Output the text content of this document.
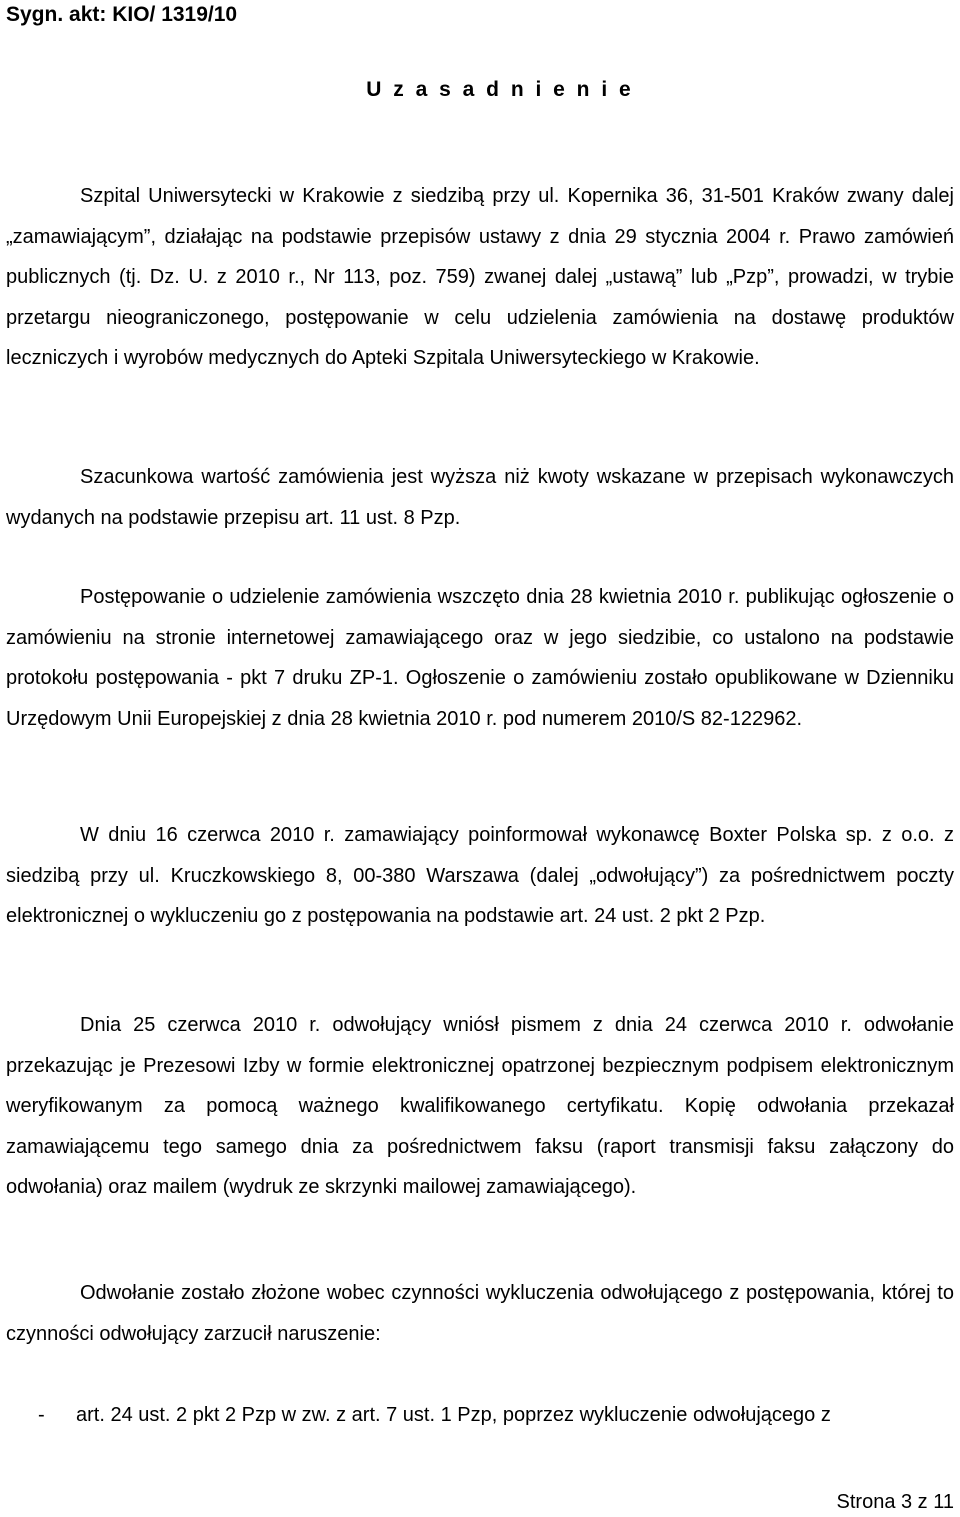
Sygn. akt: KIO/ 1319/10
U z a s a d n i e n i e

Szpital Uniwersytecki w Krakowie z siedzibą przy ul. Kopernika 36, 31-501 Kraków zwany dalej „zamawiającym”, działając na podstawie przepisów ustawy z dnia 29 stycznia 2004 r. Prawo zamówień publicznych (tj. Dz. U. z 2010 r., Nr 113, poz. 759) zwanej dalej „ustawą” lub „Pzp”, prowadzi, w trybie przetargu nieograniczonego, postępowanie w celu udzielenia zamówienia na dostawę produktów leczniczych i wyrobów medycznych do Apteki Szpitala Uniwersyteckiego w Krakowie.

Szacunkowa wartość zamówienia jest wyższa niż kwoty wskazane w przepisach wykonawczych wydanych na podstawie przepisu art. 11 ust. 8 Pzp.

Postępowanie o udzielenie zamówienia wszczęto dnia 28 kwietnia 2010 r. publikując ogłoszenie o zamówieniu na stronie internetowej zamawiającego oraz w jego siedzibie, co ustalono na podstawie protokołu postępowania - pkt 7 druku ZP-1. Ogłoszenie o zamówieniu zostało opublikowane w Dzienniku Urzędowym Unii Europejskiej z dnia 28 kwietnia 2010 r. pod numerem 2010/S 82-122962.

W dniu 16 czerwca 2010 r. zamawiający poinformował wykonawcę Boxter Polska sp. z o.o. z siedzibą przy ul. Kruczkowskiego 8, 00-380 Warszawa (dalej „odwołujący”) za pośrednictwem poczty elektronicznej o wykluczeniu go z postępowania na podstawie art. 24 ust. 2 pkt 2 Pzp.

Dnia 25 czerwca 2010 r. odwołujący wniósł pismem z dnia 24 czerwca 2010 r. odwołanie przekazując je Prezesowi Izby w formie elektronicznej opatrzonej bezpiecznym podpisem elektronicznym weryfikowanym za pomocą ważnego kwalifikowanego certyfikatu. Kopię odwołania przekazał zamawiającemu tego samego dnia za pośrednictwem faksu (raport transmisji faksu załączony do odwołania) oraz mailem (wydruk ze skrzynki mailowej zamawiającego).

Odwołanie zostało złożone wobec czynności wykluczenia odwołującego z postępowania, której to czynności odwołujący zarzucił naruszenie:

- art. 24 ust. 2 pkt 2 Pzp w zw. z art. 7 ust. 1 Pzp, poprzez wykluczenie odwołującego z
Strona 3 z 11
